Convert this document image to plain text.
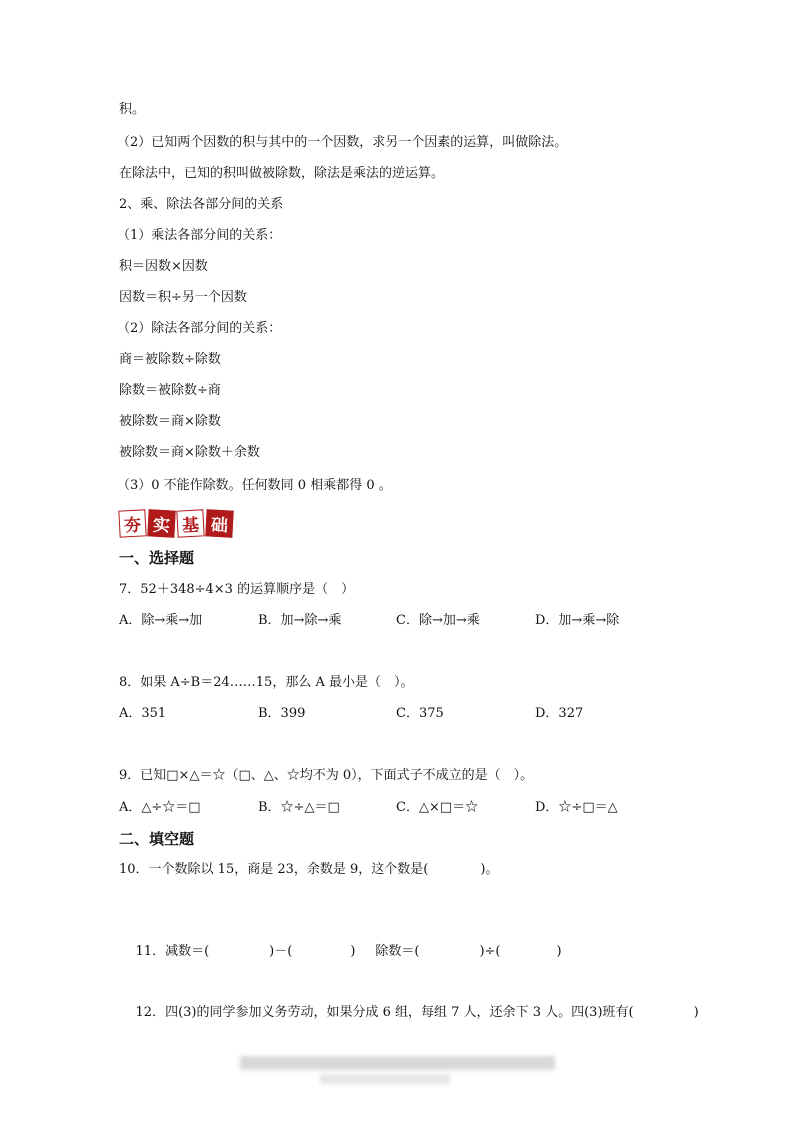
积。
（2）已知两个因数的积与其中的一个因数，求另一个因素的运算，叫做除法。
在除法中，已知的积叫做被除数，除法是乘法的逆运算。
2、乘、除法各部分间的关系
（1）乘法各部分间的关系：
积＝因数×因数
因数＝积÷另一个因数
（2）除法各部分间的关系：
商＝被除数÷除数
除数＝被除数÷商
被除数＝商×除数
被除数＝商×除数＋余数
（3）0 不能作除数。任何数同 0 相乘都得 0 。
夯 实 基 础
一、选择题
7．52＋348÷4×3 的运算顺序是（　）
A．除→乘→加	B．加→除→乘	C．除→加→乘	D．加→乘→除
8．如果 A÷B＝24……15，那么 A 最小是（　）。
A．351	B．399	C．375	D．327
9．已知□×△＝☆（□、△、☆均不为 0），下面式子不成立的是（　）。
A．△÷☆＝□	B．☆÷△＝□	C．△×□＝☆	D．☆÷□＝△
二、填空题
10．一个数除以 15，商是 23，余数是 9，这个数是(　　　　)。

11．减数＝(	)－(	) 除数＝(	)÷(	)

12．四(3)的同学参加义务劳动，如果分成 6 组，每组 7 人，还余下 3 人。四(3)班有(	)
